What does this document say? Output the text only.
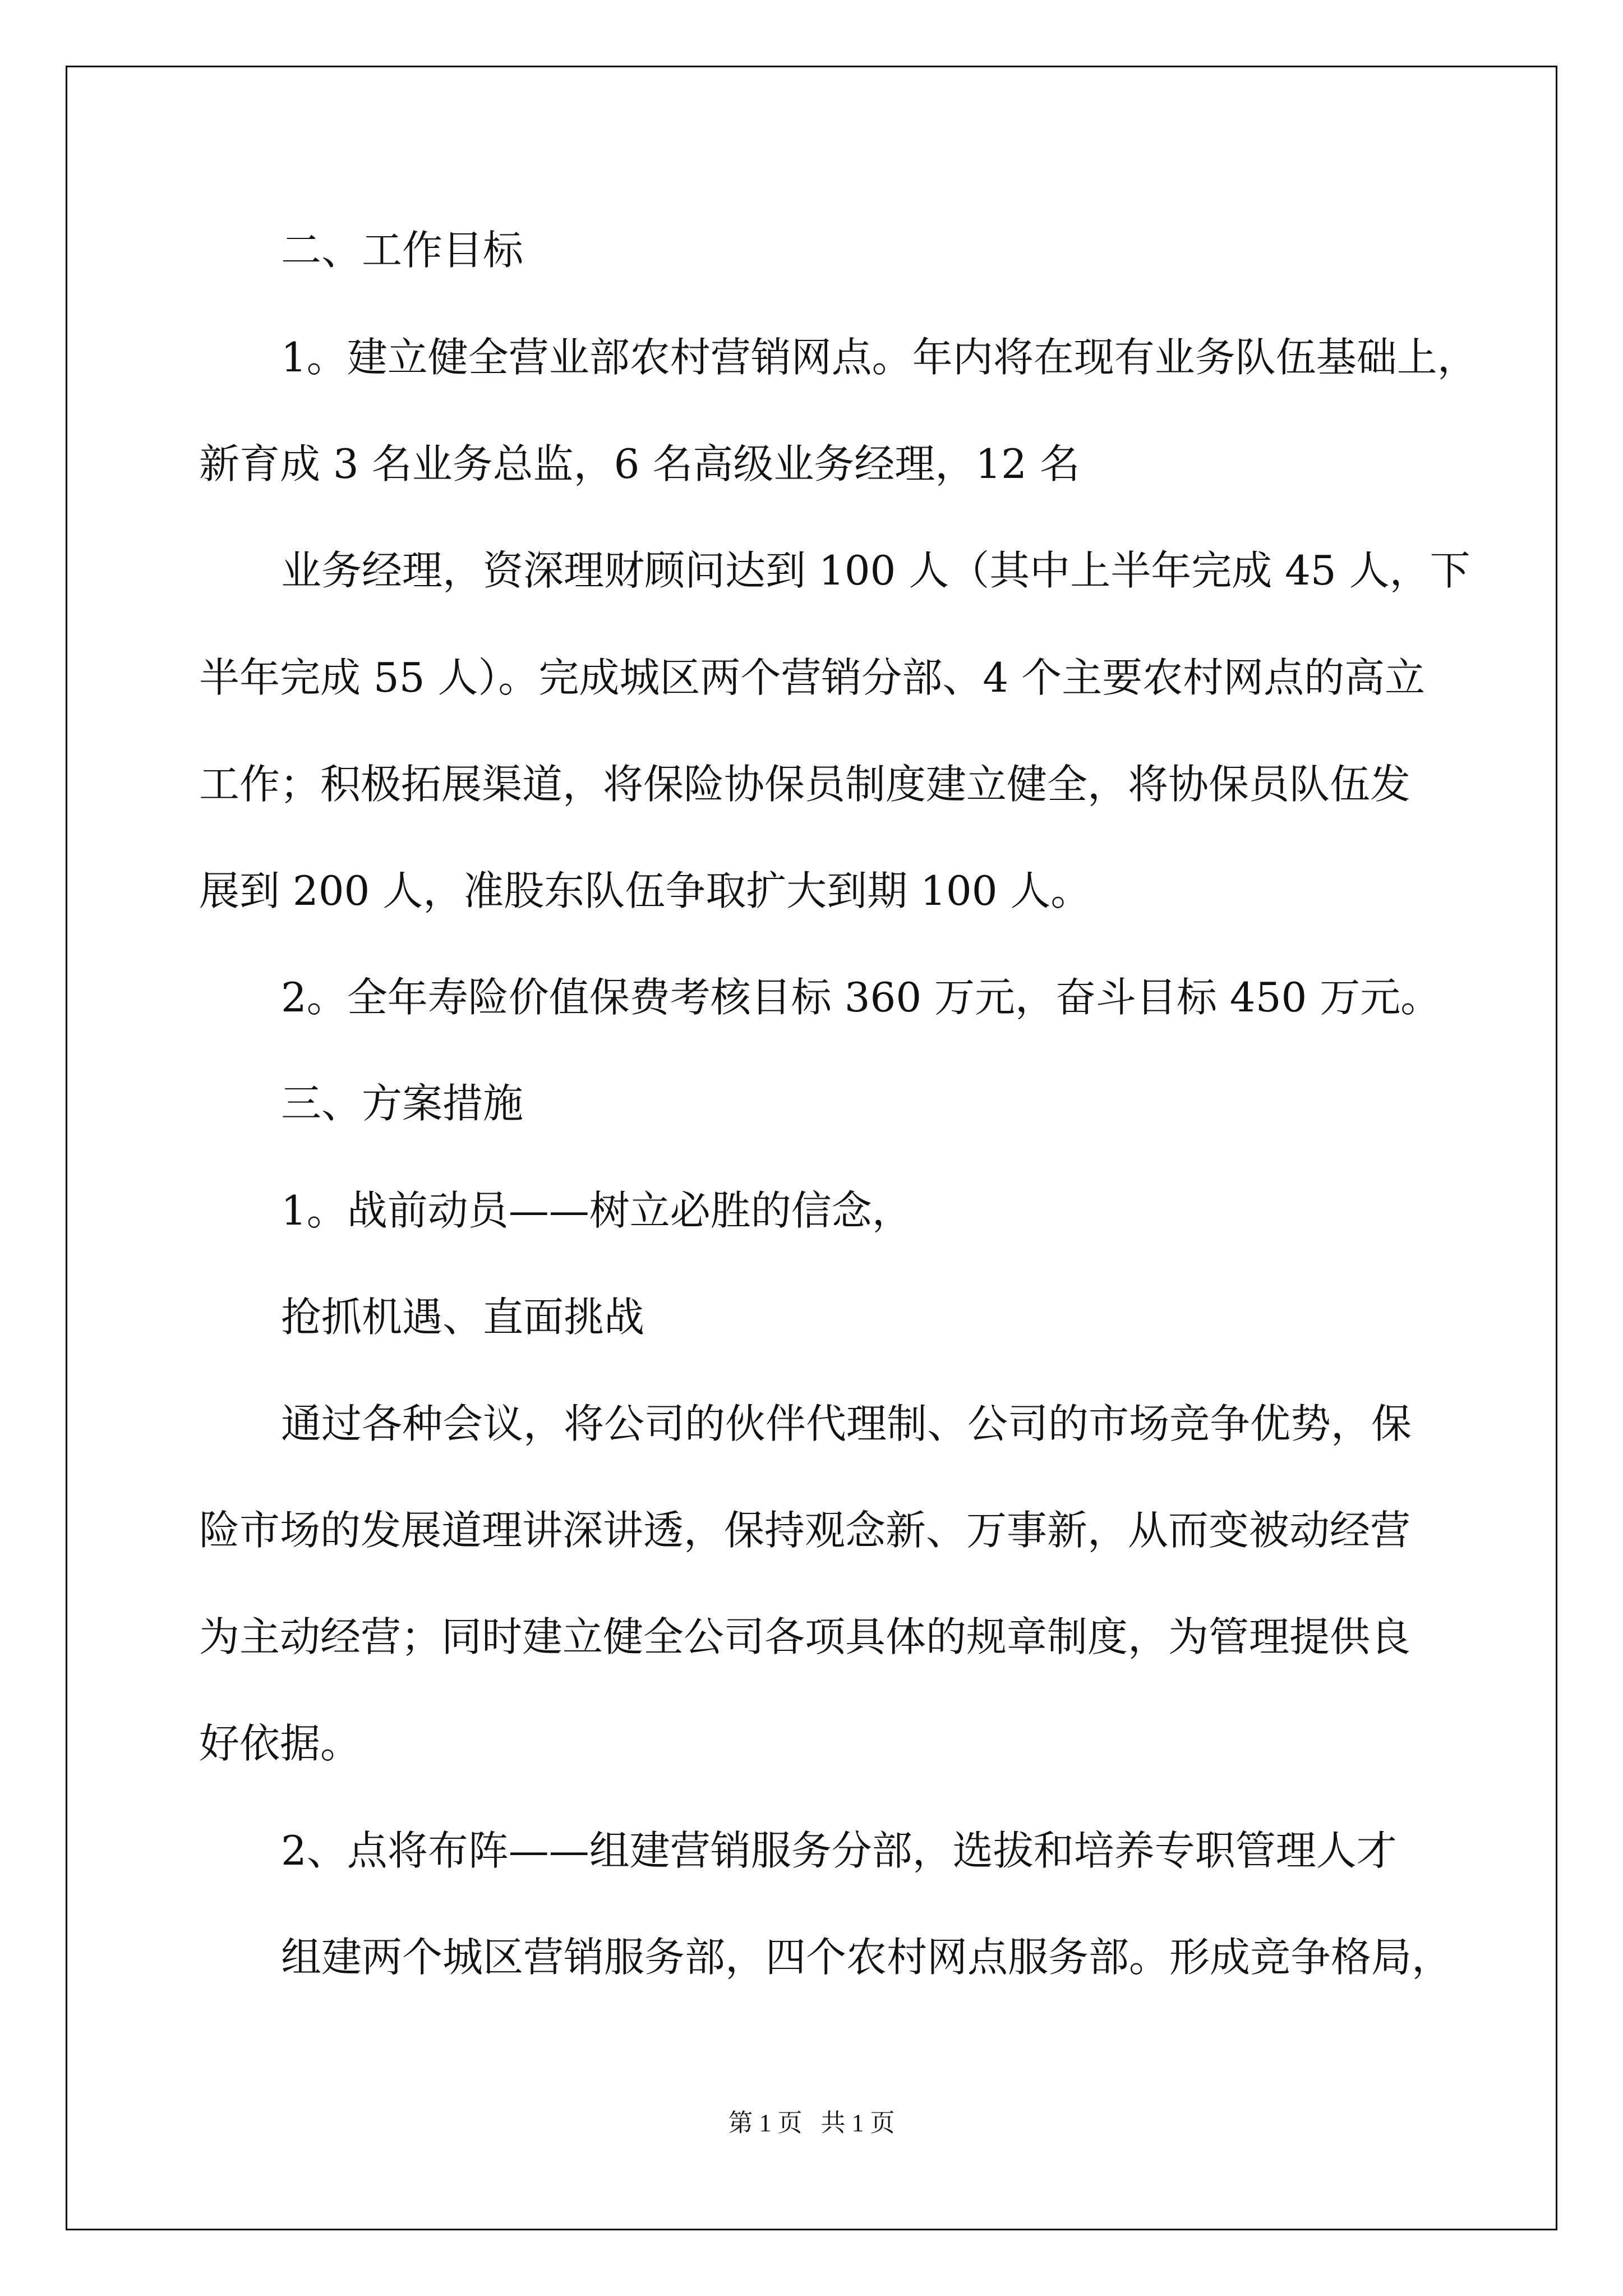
二、工作目标

1。建立健全营业部农村营销网点。年内将在现有业务队伍基础上，

新育成 3 名业务总监，6 名高级业务经理，12 名

业务经理，资深理财顾问达到 100 人（其中上半年完成 45 人，下

半年完成 55 人）。完成城区两个营销分部、4 个主要农村网点的高立

工作；积极拓展渠道，将保险协保员制度建立健全，将协保员队伍发

展到 200 人，准股东队伍争取扩大到期 100 人。

2。全年寿险价值保费考核目标 360 万元，奋斗目标 450 万元。

三、方案措施

1。战前动员——树立必胜的信念，

抢抓机遇、直面挑战

通过各种会议，将公司的伙伴代理制、公司的市场竞争优势，保

险市场的发展道理讲深讲透，保持观念新、万事新，从而变被动经营

为主动经营；同时建立健全公司各项具体的规章制度，为管理提供良

好依据。

2、点将布阵——组建营销服务分部，选拔和培养专职管理人才

组建两个城区营销服务部，四个农村网点服务部。形成竞争格局，

第 1 页   共 1 页
